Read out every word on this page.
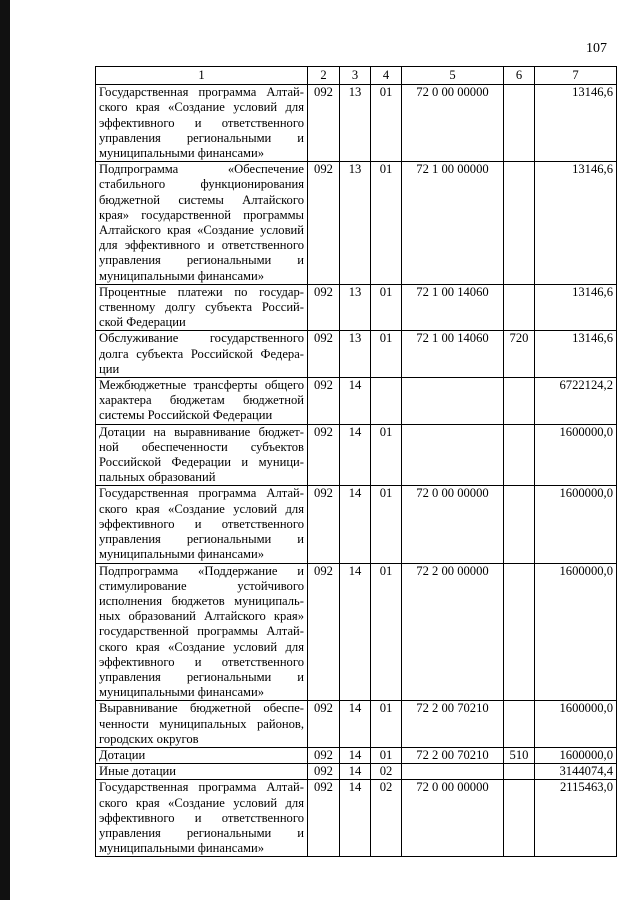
107
1	2	3	4	5	6	7
Государственная программа Алтайского края «Создание условий для эффективного и ответственного управления региональными и муниципальными финансами»	092	13	01	72 0 00 00000		13146,6
Подпрограмма «Обеспечение стабильного функционирования бюджетной системы Алтайского края» государственной программы Алтайского края «Создание условий для эффективного и ответственного управления региональными и муниципальными финансами»	092	13	01	72 1 00 00000		13146,6
Процентные платежи по государственному долгу субъекта Российской Федерации	092	13	01	72 1 00 14060		13146,6
Обслуживание государственного долга субъекта Российской Федерации	092	13	01	72 1 00 14060	720	13146,6
Межбюджетные трансферты общего характера бюджетам бюджетной системы Российской Федерации	092	14				6722124,2
Дотации на выравнивание бюджетной обеспеченности субъектов Российской Федерации и муниципальных образований	092	14	01			1600000,0
Государственная программа Алтайского края «Создание условий для эффективного и ответственного управления региональными и муниципальными финансами»	092	14	01	72 0 00 00000		1600000,0
Подпрограмма «Поддержание и стимулирование устойчивого исполнения бюджетов муниципальных образований Алтайского края» государственной программы Алтайского края «Создание условий для эффективного и ответственного управления региональными и муниципальными финансами»	092	14	01	72 2 00 00000		1600000,0
Выравнивание бюджетной обеспеченности муниципальных районов, городских округов	092	14	01	72 2 00 70210		1600000,0
Дотации	092	14	01	72 2 00 70210	510	1600000,0
Иные дотации	092	14	02			3144074,4
Государственная программа Алтайского края «Создание условий для эффективного и ответственного управления региональными и муниципальными финансами»	092	14	02	72 0 00 00000		2115463,0
